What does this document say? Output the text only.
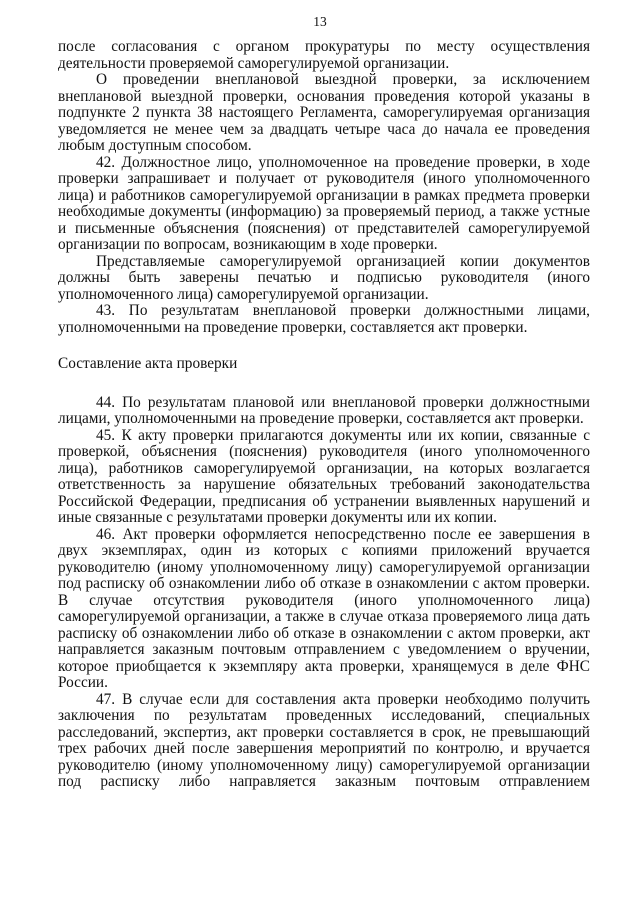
13

после согласования с органом прокуратуры по месту осуществления деятельности проверяемой саморегулируемой организации.

О проведении внеплановой выездной проверки, за исключением внеплановой выездной проверки, основания проведения которой указаны в подпункте 2 пункта 38 настоящего Регламента, саморегулируемая организация уведомляется не менее чем за двадцать четыре часа до начала ее проведения любым доступным способом.

42. Должностное лицо, уполномоченное на проведение проверки, в ходе проверки запрашивает и получает от руководителя (иного уполномоченного лица) и работников саморегулируемой организации в рамках предмета проверки необходимые документы (информацию) за проверяемый период, а также устные и письменные объяснения (пояснения) от представителей саморегулируемой организации по вопросам, возникающим в ходе проверки.

Представляемые саморегулируемой организацией копии документов должны быть заверены печатью и подписью руководителя (иного уполномоченного лица) саморегулируемой организации.

43. По результатам внеплановой проверки должностными лицами, уполномоченными на проведение проверки, составляется акт проверки.

Составление акта проверки

44. По результатам плановой или внеплановой проверки должностными лицами, уполномоченными на проведение проверки, составляется акт проверки.

45. К акту проверки прилагаются документы или их копии, связанные с проверкой, объяснения (пояснения) руководителя (иного уполномоченного лица), работников саморегулируемой организации, на которых возлагается ответственность за нарушение обязательных требований законодательства Российской Федерации, предписания об устранении выявленных нарушений и иные связанные с результатами проверки документы или их копии.

46. Акт проверки оформляется непосредственно после ее завершения в двух экземплярах, один из которых с копиями приложений вручается руководителю (иному уполномоченному лицу) саморегулируемой организации под расписку об ознакомлении либо об отказе в ознакомлении с актом проверки. В случае отсутствия руководителя (иного уполномоченного лица) саморегулируемой организации, а также в случае отказа проверяемого лица дать расписку об ознакомлении либо об отказе в ознакомлении с актом проверки, акт направляется заказным почтовым отправлением с уведомлением о вручении, которое приобщается к экземпляру акта проверки, хранящемуся в деле ФНС России.

47. В случае если для составления акта проверки необходимо получить заключения по результатам проведенных исследований, специальных расследований, экспертиз, акт проверки составляется в срок, не превышающий трех рабочих дней после завершения мероприятий по контролю, и вручается руководителю (иному уполномоченному лицу) саморегулируемой организации под расписку либо направляется заказным почтовым отправлением
